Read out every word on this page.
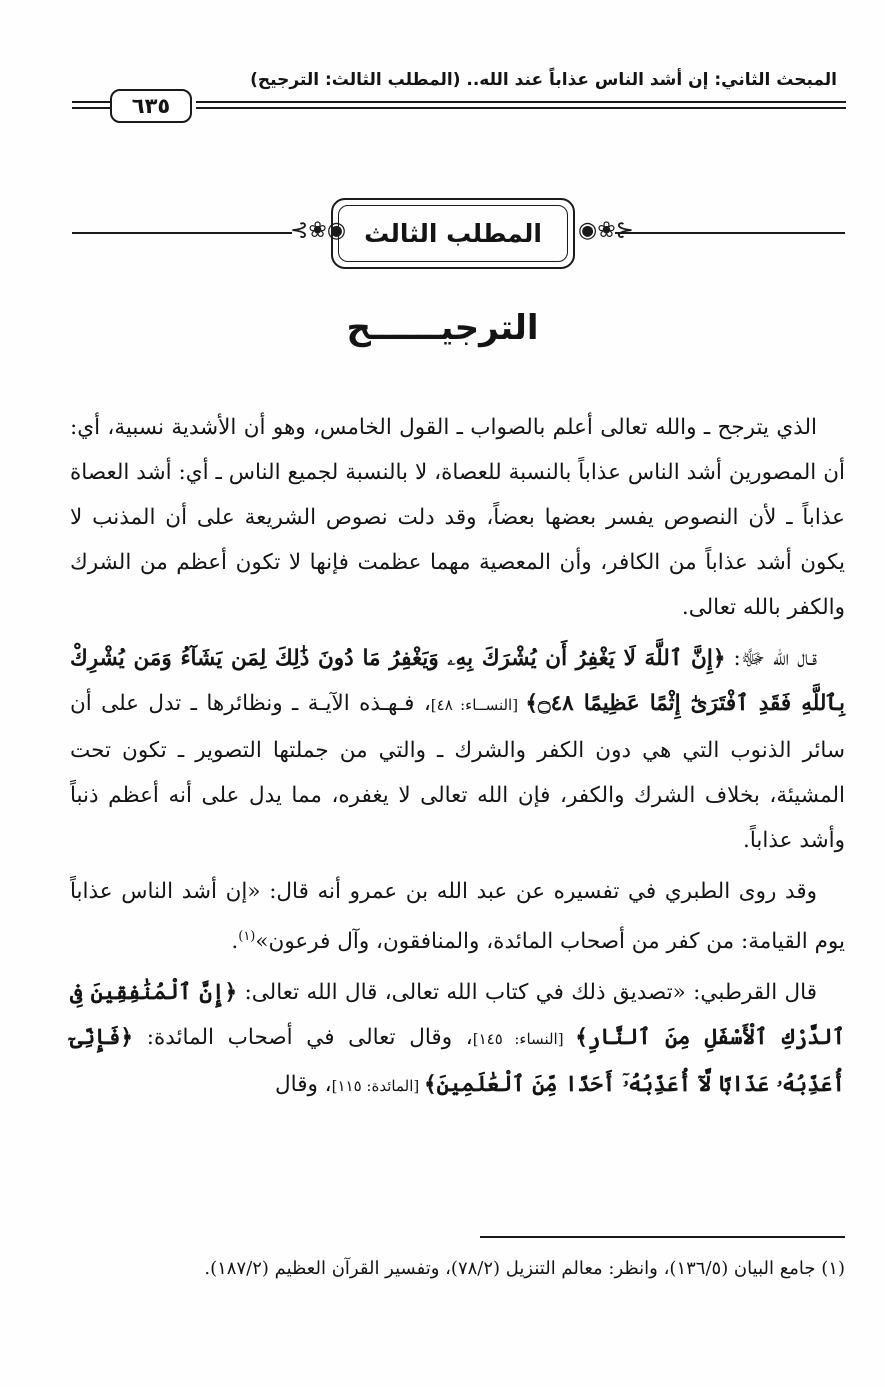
المبحث الثاني: إن أشد الناس عذاباً عند الله.. (المطلب الثالث: الترجيح)
٦٣٥
⊰❀◉	◉❀⊱
المطلب الثالث
الترجيــــــح

الذي يترجح ـ والله تعالى أعلم بالصواب ـ القول الخامس، وهو أن الأشدية نسبية، أي: أن المصورين أشد الناس عذاباً بالنسبة للعصاة، لا بالنسبة لجميع الناس ـ أي: أشد العصاة عذاباً ـ لأن النصوص يفسر بعضها بعضاً، وقد دلت نصوص الشريعة على أن المذنب لا يكون أشد عذاباً من الكافر، وأن المعصية مهما عظمت فإنها لا تكون أعظم من الشرك والكفر بالله تعالى.

قـال الله ﷻ: ﴿إِنَّ ٱللَّهَ لَا يَغْفِرُ أَن يُشْرَكَ بِهِۦ وَيَغْفِرُ مَا دُونَ ذَٰلِكَ لِمَن يَشَآءُ وَمَن يُشْرِكْ بِٱللَّهِ فَقَدِ ٱفْتَرَىٰٓ إِثْمًا عَظِيمًا ۝٤٨﴾ [النســاء: ٤٨]، فـهـذه الآيـة ـ ونظائرها ـ تدل على أن سائر الذنوب التي هي دون الكفر والشرك ـ والتي من جملتها التصوير ـ تكون تحت المشيئة، بخلاف الشرك والكفر، فإن الله تعالى لا يغفره، مما يدل على أنه أعظم ذنباً وأشد عذاباً.

وقد روى الطبري في تفسيره عن عبد الله بن عمرو أنه قال: «إن أشد الناس عذاباً يوم القيامة: من كفر من أصحاب المائدة، والمنافقون، وآل فرعون»$^{(١)}$.

قال القرطبي: «تصديق ذلك في كتاب الله تعالى، قال الله تعالى: ﴿إِنَّ ٱلْمُنَٰفِقِينَ فِى ٱلدَّرْكِ ٱلْأَسْفَلِ مِنَ ٱلنَّارِ﴾ [النساء: ١٤٥]، وقال تعالى في أصحاب المائدة: ﴿فَإِنِّىٓ أُعَذِّبُهُۥ عَذَابًا لَّآ أُعَذِّبُهُۥٓ أَحَدًا مِّنَ ٱلْعَٰلَمِينَ﴾ [المائدة: ١١٥]، وقال

(١) جامع البيان (١٣٦/٥)، وانظر: معالم التنزيل (٧٨/٢)، وتفسير القرآن العظيم (١٨٧/٢).
